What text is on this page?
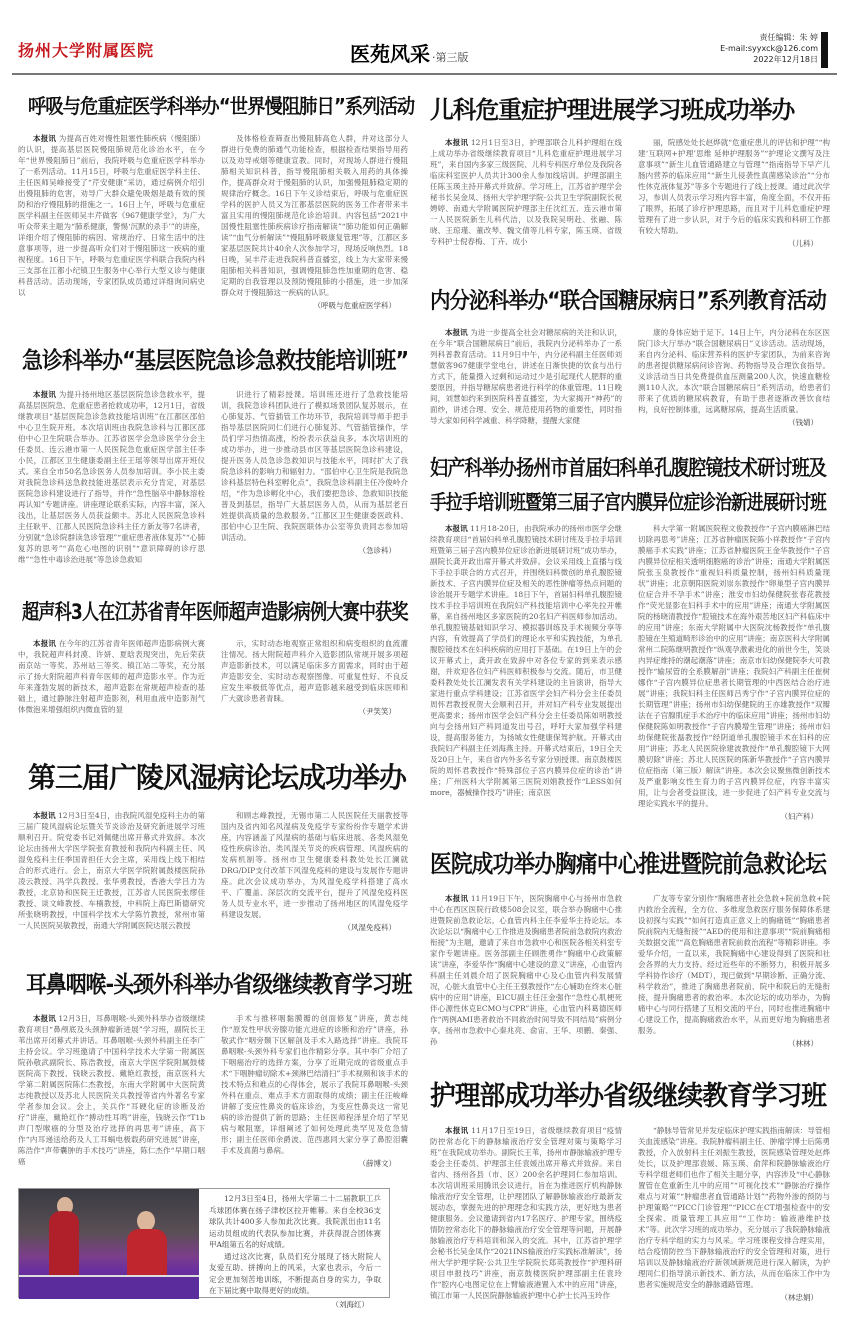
扬州大学附属医院	医苑风采 ·第三版
责任编辑：朱 婷
E-mail:syyxck@126.com
2022年12月18日
呼吸与危重症医学科举办“世界慢阻肺日”系列活动

本报讯 为提高百姓对慢性阻塞性肺疾病（慢阻肺）的认识，提高基层医院慢阻肺规范化诊治水平，在今年“世界慢阻肺日”前后，我院呼吸与危重症医学科举办了一系列活动。11月15日，呼吸与危重症医学科主任、主任医师吴峰接受了“芹安健康”采访，通过病例介绍引出慢阻肺的危害，劝导广大群众避免吸烟是最有效的预防和治疗慢阻肺的措施之一。16日上午，呼吸与危重症医学科副主任医师吴丰芹做客《967健康学堂》，为广大听众带来主题为“肺系健康，警惕‘沉默的杀手’”的讲座，详细介绍了慢阻肺的病因、常规治疗、日常生活中的注意事项等，进一步提高听众们对于慢阻肺这一疾病的重视程度。16日下午，呼吸与危重症医学科联合我院内科三支部在江都小纪镇卫生服务中心举行大型义诊与健康科普活动。活动现场，专家团队成员通过详细询问病史以

及体格检查筛查出慢阻肺高危人群，并对这部分人群进行免费的肺通气功能检查，根据检查结果指导用药以及劝导戒烟等健康宣教。同时，对现场人群进行慢阻肺相关知识科普，指导慢阻肺相关吸入用药的具体操作，提高群众对于慢阻肺的认识，加强慢阻肺稳定期的规律治疗概念。16日下午义诊结束后，呼吸与危重症医学科的医护人员又为江都基层医院的医务工作者带来丰富且实用的慢阻肺规范化诊治培训。内容包括“2021中国慢性阻塞性肺疾病诊疗指南解读”“肺功能如何正确解读”“血气分析解读”“慢阻肺呼吸康复管理”等，江都区多家基层医院共计40余人次参加学习，现场反响热烈。18日晚，吴丰芹走进我院科普直播室，线上为大家带来慢阻肺相关科普知识，强调慢阻肺急性加重期的危害、稳定期的自我管理以及预防慢阻肺的小措施，进一步加深群众对于慢阻肺这一疾病的认识。

（呼吸与危重症医学科）
儿科危重症护理进展学习班成功举办

本报讯 12月1日至3日，护理部联合儿科护理组在线上成功举办省级继续教育项目“儿科危重症护理进展学习班”，来自国内多家三级医院、儿科专科医疗单位及我院各临床科室医护人员共计300余人参加线培训。护理部副主任陈玉瑛主持开幕式并致辞。学习班上，江苏省护理学会秘书长吴金凤、扬州大学护理学院·公共卫生学院副院长祝娉婷、南通大学附属医院护理部主任沈红五、连云港市第一人民医院新生儿科代洁，以及我院吴明赴、张融、陈晓、王琼瑾、董改琴、魏文倩等儿科专家，陈玉瑛、省级专科护士倪春梅、丁卉、成小

丽，院感处处长赵烨就“危重症患儿的评估和护理”“构建‘互联网+护理’思维 延伸护理服务”“护理论文撰写及注意事项”“新生儿血管通路建立与管理”“指南指导下早产儿肠内营养的临床应用”“新生儿侵袭性真菌感染诊治”“分布性休克液体复苏”等多个专题进行了线上授课。通过此次学习，参训人员表示学习班内容丰富，角度全面，不仅开拓了眼界，拓展了诊疗护理思路，而且对于儿科危重症护理管理有了进一步认识，对于今后的临床实践和科研工作都有较大帮助。

（儿科）
内分泌科举办“联合国糖尿病日”系列教育活动

本报讯 为进一步提高全社会对糖尿病的关注和认识，在今年“联合国糖尿病日”前后，我院内分泌科举办了一系列科普教育活动。11月9日中午，内分泌科副主任医师刘慧做客967健康学堂电台，讲述在日渐快捷的饮食与出行方式下，能量摄入过剩和运动过少是引起现代人肥胖的重要原因，并指导糖尿病患者进行科学的体重管理。11日晚间，刘慧如约来到医院科普直播室，为大家揭开“神药”的面纱，讲述合理、安全、规范使用药物的重要性，同时指导大家如何科学减重、科学降糖，提醒大家健

康的身体应始于足下。14日上午，内分泌科在东区医院门诊大厅举办“联合国糖尿病日”义诊活动。活动现场，来自内分泌科、临床营养科的医护专家团队，为前来咨询的患者提供糖尿病问诊咨询、药物指导及合理饮食指导。义诊活动当日共免费提供血压测量200人次，快速血糖检测110人次。本次“联合国糖尿病日”系列活动，给患者们带来了优质的糖尿病教育，有助于患者逐渐改善饮食结构，良好控制体重，远离糖尿病，提高生活质量。

（钱婧）
急诊科举办“基层医院急诊急救技能培训班”

本报讯 为提升扬州地区基层医院急诊急救水平，提高基层医院急、危重症患者抢救成功率，12月1日，省级继教项目“基层医院急诊急救技能培训班”在江都区邵伯中心卫生院开班。本次培训班由我院急诊科与江都区邵伯中心卫生院联合举办。江苏省医学会急诊医学分会主任委员、连云港市第一人民医院急危重症医学部主任李小民，江都区卫生健康委副主任王瑶等领导出席开班仪式。来自全市50名急诊医务人员参加培训。李小民主委对我院急诊科送急救技能进基层表示充分肯定，对基层医院急诊科建设进行了指导，并作“急性脑卒中静脉溶栓再认知”专题讲座。讲座理论联系实际，内容丰富，深入浅出，让基层医务人员获益颇丰。苏北人民医院急诊科主任耿平、江都人民医院急诊科主任方新友等7名讲者，分别就“急诊院群读急诊管理”“重症患者液体复苏”“心肺复苏的思考”“高危心电图的识别”“意识障碍的诊疗思维”“急性中毒诊治进展”等急诊急救知

识进行了精彩授课。培训班还进行了急救技能培训，我院急诊科团队进行了模拟场景团队复苏展示，在心肺复苏、气管插管工作坊环节，我院培训导师手把手指导基层医院同仁们进行心肺复苏、气管插管操作，学员们学习热情高涨，纷纷表示获益良多。本次培训班的成功举办，进一步推动县市区等基层医院急诊科建设，提升医务人员急诊急救知识与技能水平，同时扩大了我院急诊科的影响力和辐射力。“邵伯中心卫生院是我院急诊科基层特色科室孵化点”，我院急诊科副主任冷俊岭介绍，“作为急诊孵化中心，我们要把急诊、急救知识技能普及到基层，指导广大基层医务人员，从而为基层老百姓提供高质量的急救服务。”江都区卫生健康委医政科、邵伯中心卫生院、我院医联体办公室等负责同志参加培训活动。

（急诊科）
妇产科举办扬州市首届妇科单孔腹腔镜技术研讨班及
手拉手培训班暨第三届子宫内膜异位症诊治新进展研讨班

本报讯 11月18-20日，由我院承办的扬州市医学会继续教育项目“首届妇科单孔腹腔镜技术研讨班及手拉手培训班暨第三届子宫内膜异位症诊治新进展研讨班”成功举办，副院长龚开政出席开幕式并致辞。会议采用线上直播与线下手拉手联合的方式召开，并围绕妇科微创的单孔腹腔镜新技术、子宫内膜异位症及相关的恶性肿瘤等热点问题的诊治展开专题学术讲座。18日下午，首届妇科单孔腹腔镜技术手拉手培训班在我院妇产科技能培训中心率先拉开帷幕，来自扬州地区多家医院的20名妇产科医师参加活动。单孔腹腔镜基础知识学习、模拟器训练及手术视频分享等内容，有效提高了学员们的理论水平和实践技能，为单孔腹腔镜技术在妇科疾病的应用打下基础。在19日上午的会议开幕式上，龚开政在致辞中对各位专家的到来表示感谢，并欢迎各位妇产科医师积极参与交流。随后，市卫健委科教处处长江澜发表有关学科建设的主旨演讲，指导大家进行重点学科建设；江苏省医学会妇产科分会主任委员周怀君教授祝贺大会顺利召开，并对妇产科专业发展提出更高要求；扬州市医学会妇产科分会主任委员陈如明教授向与会扬州妇产科同道发出号召，呼吁大家加强学科建设，提高服务能力，为扬城女性健康保驾护航。开幕式由我院妇产科副主任刘海燕主持。开幕式结束后，19日全天及20日上午，来自省内外多名专家分别授课。南京鼓楼医院的周怀君教授作“特殊部位子宫内膜异位症的诊治”讲座；广州医科大学附属第三医院刘娟教授作“LESS如何more，器械操作技巧”讲座；南京医

科大学第一附属医院程文俊教授作“子宫内膜癌淋巴结切除再思考”讲座；江苏省肿瘤医院陈小祥教授作“子宫内膜癌手术实践”讲座；江苏省肿瘤医院王金华教授作“子宫内膜异位症相关透明细胞癌的诊治”讲座；南通大学附属医院张玉泉教授作“重视妇科质量控制，扬州妇科质量现状”讲座；北京朝阳医院刘崇东教授作“卵巢型子宫内膜异位症合并不孕手术”讲座；淮安市妇幼保健院张春花教授作“荧光显影在妇科手术中的应用”讲座；南通大学附属医院的杨晓清教授作“腔镜技术在海外艰苦地区妇产科临床中的应用”讲座；东南大学附属中大医院沈杨教授作“单孔腹腔镜在生殖道畸形诊治中的应用”讲座；南京医科大学附属常州二院陈继明教授作“纵观孕激素进化的前世今生，笑谈内异症维持的潮起潮落”讲座；南京市妇幼保健院李大可教授作“输尿管的全系膜解剖”讲座；我院妇产科副主任崔树娜作“子宫内膜异位症患者长期管理的中西医结合治疗进展”讲座；我院妇科主任医师吕秀宁作“子宫内膜异位症的长期管理”讲座；扬州市妇幼保健院的王亦雄教授作“双瓣法在子宫腺肌症手术治疗中的临床应用”讲座；扬州市妇幼保健院陈如明教授作“子宫内膜增生管理”讲座；扬州市妇幼保健院张磊教授作“经阴道单孔腹腔镜手术在妇科的应用”讲座；苏北人民医院徐建波教授作“单孔腹腔镜下大网膜切除”讲座；苏北人民医院的陈新华教授作“子宫内膜异位症指南（第三版）解读”讲座。本次会议聚焦微创新技术及严重影响女性生育力的子宫内膜异位症，内容丰富实用，让与会者受益匪浅，进一步促进了妇产科专业交流与理论实践水平的提升。

（妇产科）
超声科3人在江苏省青年医师超声造影病例大赛中获奖

本报讯 在今年的江苏省青年医师超声造影病例大赛中，我院超声科封漠、许妍、夏晗表现突出，先后荣获南京站一等奖、苏州站三等奖、镇江站二等奖，充分展示了扬大附院超声科青年医师的超声造影水平。作为近年来蓬勃发展的新技术，超声造影在常规超声检查的基础上，通过静脉注射超声造影剂，利用血液中造影剂气体微泡来增强组织内微血管的显

示，实时动态地观察正常组织和病变组织的血流灌注情况。扬大附院超声科介入造影团队常规开展多项超声造影新技术，可以满足临床多方面需求，同时由于超声造影安全、实时动态观察图像、可重复性好、不良反应发生率极低等优点，超声造影越来越受到临床医师和广大就诊患者青睐。

（尹笑笑）
第三届广陵风湿病论坛成功举办

本报讯 12月3日至4日，由我院风湿免疫科主办的第三届广陵风湿病论坛暨关节炎诊治及研究新进展学习班顺利召开。院党委书记刘佩健出席开幕式并致辞。本次论坛由扬州大学医学院张育教授和我院内科副主任、风湿免疫科主任季国青担任大会主席，采用线上线下相结合的形式进行。会上，南京大学医学院附属鼓楼医院孙凌云教授、冯学兵教授、张华勇教授，香港大学吕力为教授，北京协和医院王迁教授，江苏省人民医院张缪佳教授、谈文峰教授、车楠教授，中科院上海巴斯德研究所张晓明教授，中国科学技术大学陈竹教授，常州市第一人民医院吴敏教授，南通大学附属医院达展云教授

和顾志峰教授，无锡市第二人民医院任天丽教授等国内及省内知名风湿病及免疫学专家纷纷作专题学术讲座，内容涵盖了风湿病的基础与临床进展、各类风湿免疫性疾病诊治、类风湿关节炎的疾病管理、风湿疾病的发病机制等。扬州市卫生健康委科教处处长江澜就DRG/DIP支付改革下风湿免疫科的建设与发展作专题讲座。此次会议成功举办，为风湿免疫学科搭建了高水平、广覆盖、深层次的交流平台，提升了风湿免疫科医务人员专业水平，进一步推动了扬州地区的风湿免疫学科建设发展。

（风湿免疫科）
医院成功举办胸痛中心推进暨院前急救论坛

本报讯 11月19日下午，医院胸痛中心与扬州市急救中心在西区医院行政楼508会议室，联合举办胸痛中心推进暨院前急救论坛。心血管内科主任李爱华主持论坛。本次论坛以“胸痛中心工作推进及胸痛患者院前急救院内救治衔接”为主题，邀请了来自市急救中心和医院各相关科室专家作专题讲座。医务部副主任顾胜勇作“胸痛中心政策解读”讲座，李爱华作“胸痛中心建设的意义”讲座，心血管内科副主任刘晨介绍了医院胸痛中心及心血管内科发展情况，心脏大血管中心主任王强教授作“左心辅助在终末心脏病中的应用”讲座，EICU副主任汪金强作“急性心肌梗死伴心源性休克ECMO与CPR”讲座，心血管内科葛德医师作“两例AMI患者救治不同救治时间导致不同结局”病例分享。扬州市急救中心秦兆亮、俞宙、王华、项鹏、秦强、孙

广友等专家分别作“胸痛患者社会急救+院前急救+院内救治全流程，全方位、多维度急救医疗服务保障体系建设初探与实践”“如何打造真正意义上的胸痛链”“胸痛患者院前院内无缝衔接”“AED的使用和注意事项”“院前胸痛相关数据交流”“高危胸痛患者院前救治流程”等精彩讲座。李爱华介绍，一直以来，我院胸痛中心建设得到了医院和社会各界的大力支持。经过近些年的不断努力，积极开展多学科协作诊疗（MDT），现已做到“早期诊断、正确分流、科学救治”，推进了胸痛患者院前、院中和院后的无缝衔接，提升胸痛患者的救治率。本次论坛的成功举办，为胸痛中心与同行搭建了互相交流的平台，同时也推进胸痛中心建设工作，提高胸痛救治水平，从而更好地为胸痛患者服务。

（林林）
耳鼻咽喉-头颈外科举办省级继续教育学习班

本报讯 12月3日，耳鼻咽喉-头颈外科举办省级继续教育项目“鼻颅底及头颈肿瘤新进展”学习班，副院长王苇出席开闭幕式并讲话。耳鼻咽喉-头颈外科副主任李广主持会议。学习班邀请了中国科学技术大学第一附属医院孙敬武副院长、陈浩教授，南京大学医学院附属鼓楼医院高下教授、钱晓云教授、戴艳红教授，南京医科大学第二附属医院陈仁杰教授，东南大学附属中大医院黄志纯教授以及苏北人民医院关兵教授等省内外著名专家学者参加会议。会上，关兵作“耳硬化症的诊断及治疗”讲座，戴艳红作“搏动性耳鸣”讲座，钱晓云作“T1b声门型喉癌的分型及治疗选择的再思考”讲座，高下作“内耳递送给药及人工耳蜗电极载药研究进展”讲座，陈浩作“声带囊肿的手术技巧”讲座，陈仁杰作“早期口咽癌

手术与推移咽黏膜瓣的创面修复”讲座，黄志纯作“原发性甲状旁腺功能亢进症的诊断和治疗”讲座，孙敬武作“咽旁颞下区解剖及手术入路选择”讲座。我院耳鼻咽喉-头颈外科专家们也作精彩分享。其中李广介绍了下咽癌治疗的选择方案，分享了近期完成的省级重点手术“下咽肿瘤切除术+颈淋巴结清扫”手术视频和该手术的技术特点和难点的心得体会，展示了我院耳鼻咽喉-头颈外科在重点、难点手术方面取得的成绩；副主任汪峻峰讲解了变应性鼻炎的临床诊治，为变应性鼻炎这一常见病的诊治提供了新的思路；主任医师程泽星介绍了罕见病与喉阻塞，详细阐述了如何处理此类罕见及危急情形；副主任医师余爵波、范西惠同大家分享了鼻腔泪囊手术及真菌与鼻病。

（薛博文）

12月3日至4日，扬州大学第二十二届教职工乒乓球团体赛在扬子津校区拉开帷幕。来自全校36支球队共计400多人参加此次比赛。我院派出由11名运动员组成的代表队参加比赛，并获得混合团体赛甲A组第五名的好成绩。

通过这次比赛，队员们充分展现了扬大附院人友爱互助、拼搏向上的风采，大家也表示，今后一定会更加刻苦地训练，不断提高自身的实力，争取在下届比赛中取得更好的成绩。

（刘海红）
护理部成功举办省级继续教育学习班

本报讯 11月17日至19日，省级继续教育项目“疫情防控常态化下的静脉输液治疗安全管理对策与策略学习班”在我院成功举办。副院长王苇，扬州市静脉输液护理专委会主任委员、护理部主任袁媛出席开幕式并致辞。来自省内、扬州各县（市、区）200余名护理同仁参加培训。本次培训班采用腾讯会议进行，旨在为推进医疗机构静脉输液治疗安全管理，让护理团队了解静脉输液治疗最新发展动态，掌握先进的护理理念和实践方法，更好地为患者健康服务。会议邀请到省内17名医疗、护理专家，围绕疫情防控常态化下的静脉输液治疗安全管理等问题，开展静脉输液治疗专科培训和深入的交流。其中，江苏省护理学会秘书长吴金凤作“2021INS输液治疗实践标准解读”，扬州大学护理学院·公共卫生学院院长郑英教授作“护理科研项目申报技巧”讲座，南京鼓楼医院护理部副主任袁玲作“腔内心电图定位在上臂输液港置入术中的应用”讲座，镇江市第一人民医院静脉输液护理中心护士长冯玉玲作

“静脉导管常见并发症临床护理实践指南解读：导管相关血流感染”讲座。我院肿瘤科副主任、肿瘤学博士后陈勇教授，介入放射科主任刘振生教授，医院感染管理处赵烨处长，以及护理部袁媛、陈玉瑛、俞萍和院静脉输液治疗专科学组老师们也作了相关主题分享，内容涉及“中心静脉置管在危重新生儿中的应用”“可视化技术”“静脉治疗操作难点与对策”“肿瘤患者血管通路计划”“药物外渗的预防与护理策略”“PICC门诊管理”“PICC在CT增强检查中的安全探索、质量管理工具应用”“工作坊：输液港维护技术”等。此次学习班的成功举办，充分展示了我院静脉输液治疗专科学组的实力与风采。学习班课程安排合理实用，结合疫情防控当下静脉输液治疗的安全管理和对策，进行培训以及静脉输液治疗新领域新规范进行深入解读，为护理同仁们指导演示新技术、新方法，从而在临床工作中为患者实施规范安全的静脉通路管理。

（林忠娟）
